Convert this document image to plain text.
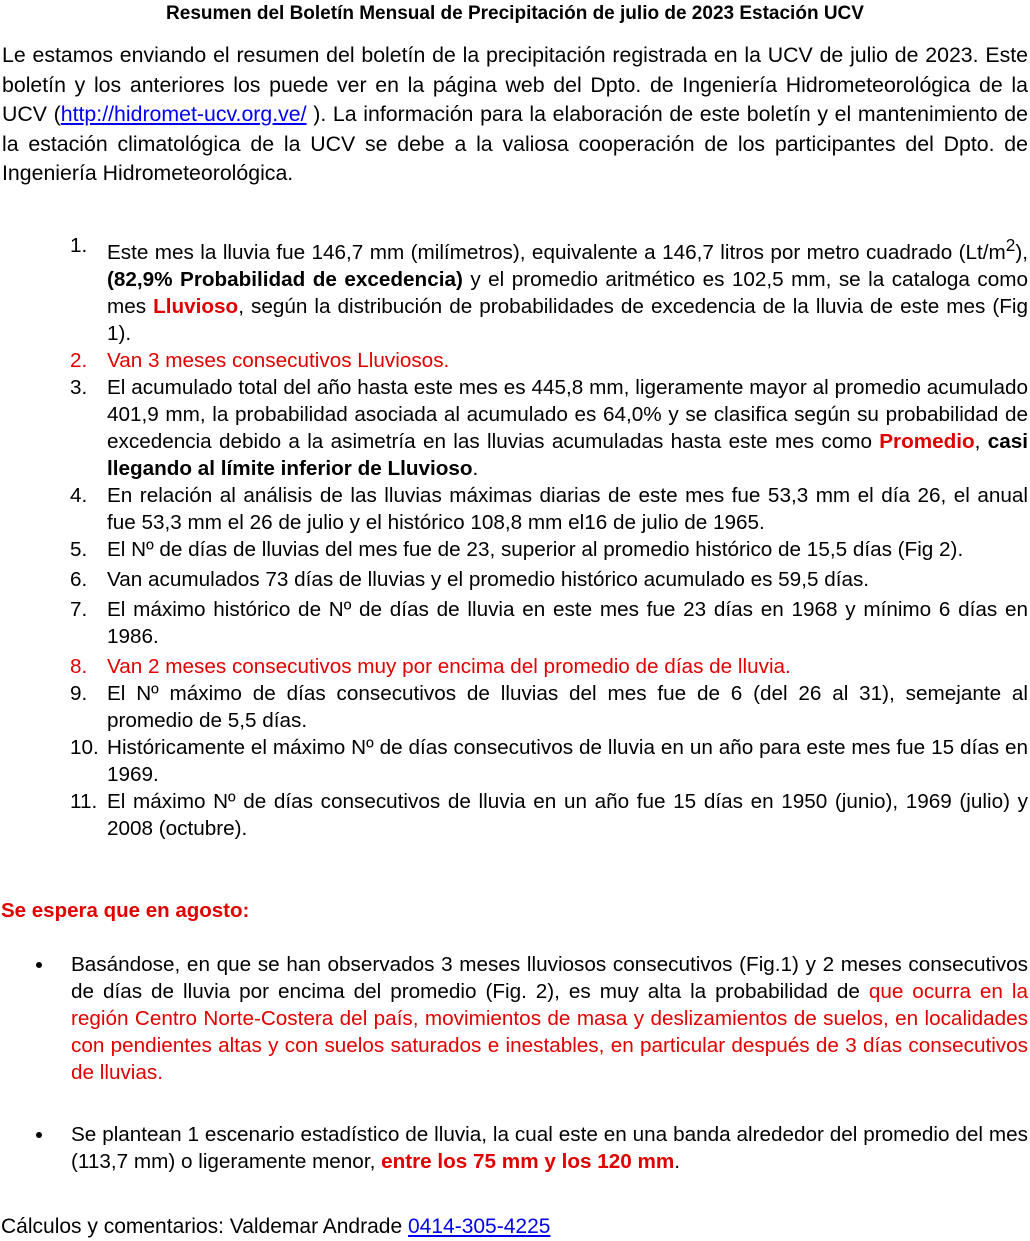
Resumen del Boletín Mensual de Precipitación de julio de 2023 Estación UCV

Le estamos enviando el resumen del boletín de la precipitación registrada en la UCV de julio de 2023. Este boletín y los anteriores los puede ver en la página web del Dpto. de Ingeniería Hidrometeorológica de la UCV (http://hidromet-ucv.org.ve/ ). La información para la elaboración de este boletín y el mantenimiento de la estación climatológica de la UCV se debe a la valiosa cooperación de los participantes del Dpto. de Ingeniería Hidrometeorológica.

1. Este mes la lluvia fue 146,7 mm (milímetros), equivalente a 146,7 litros por metro cuadrado $(Lt/m^2)$, (82,9% Probabilidad de excedencia) y el promedio aritmético es 102,5 mm, se la cataloga como mes Lluvioso, según la distribución de probabilidades de excedencia de la lluvia de este mes (Fig 1).
2. Van 3 meses consecutivos Lluviosos.
3. El acumulado total del año hasta este mes es 445,8 mm, ligeramente mayor al promedio acumulado 401,9 mm, la probabilidad asociada al acumulado es 64,0% y se clasifica según su probabilidad de excedencia debido a la asimetría en las lluvias acumuladas hasta este mes como Promedio, casi llegando al límite inferior de Lluvioso.
4. En relación al análisis de las lluvias máximas diarias de este mes fue 53,3 mm el día 26, el anual fue 53,3 mm el 26 de julio y el histórico 108,8 mm el16 de julio de 1965.
5. El Nº de días de lluvias del mes fue de 23, superior al promedio histórico de 15,5 días (Fig 2).
6. Van acumulados 73 días de lluvias y el promedio histórico acumulado es 59,5 días.
7. El máximo histórico de Nº de días de lluvia en este mes fue 23 días en 1968 y mínimo 6 días en 1986.
8. Van 2 meses consecutivos muy por encima del promedio de días de lluvia.
9. El Nº máximo de días consecutivos de lluvias del mes fue de 6 (del 26 al 31), semejante al promedio de 5,5 días.
10. Históricamente el máximo Nº de días consecutivos de lluvia en un año para este mes fue 15 días en 1969.
11. El máximo Nº de días consecutivos de lluvia en un año fue 15 días en 1950 (junio), 1969 (julio) y 2008 (octubre).

Se espera que en agosto:

Basándose, en que se han observados 3 meses lluviosos consecutivos (Fig.1) y 2 meses consecutivos de días de lluvia por encima del promedio (Fig. 2), es muy alta la probabilidad de que ocurra en la región Centro Norte-Costera del país, movimientos de masa y deslizamientos de suelos, en localidades con pendientes altas y con suelos saturados e inestables, en particular después de 3 días consecutivos de lluvias.
Se plantean 1 escenario estadístico de lluvia, la cual este en una banda alrededor del promedio del mes (113,7 mm) o ligeramente menor, entre los 75 mm y los 120 mm.

Cálculos y comentarios: Valdemar Andrade 0414-305-4225
